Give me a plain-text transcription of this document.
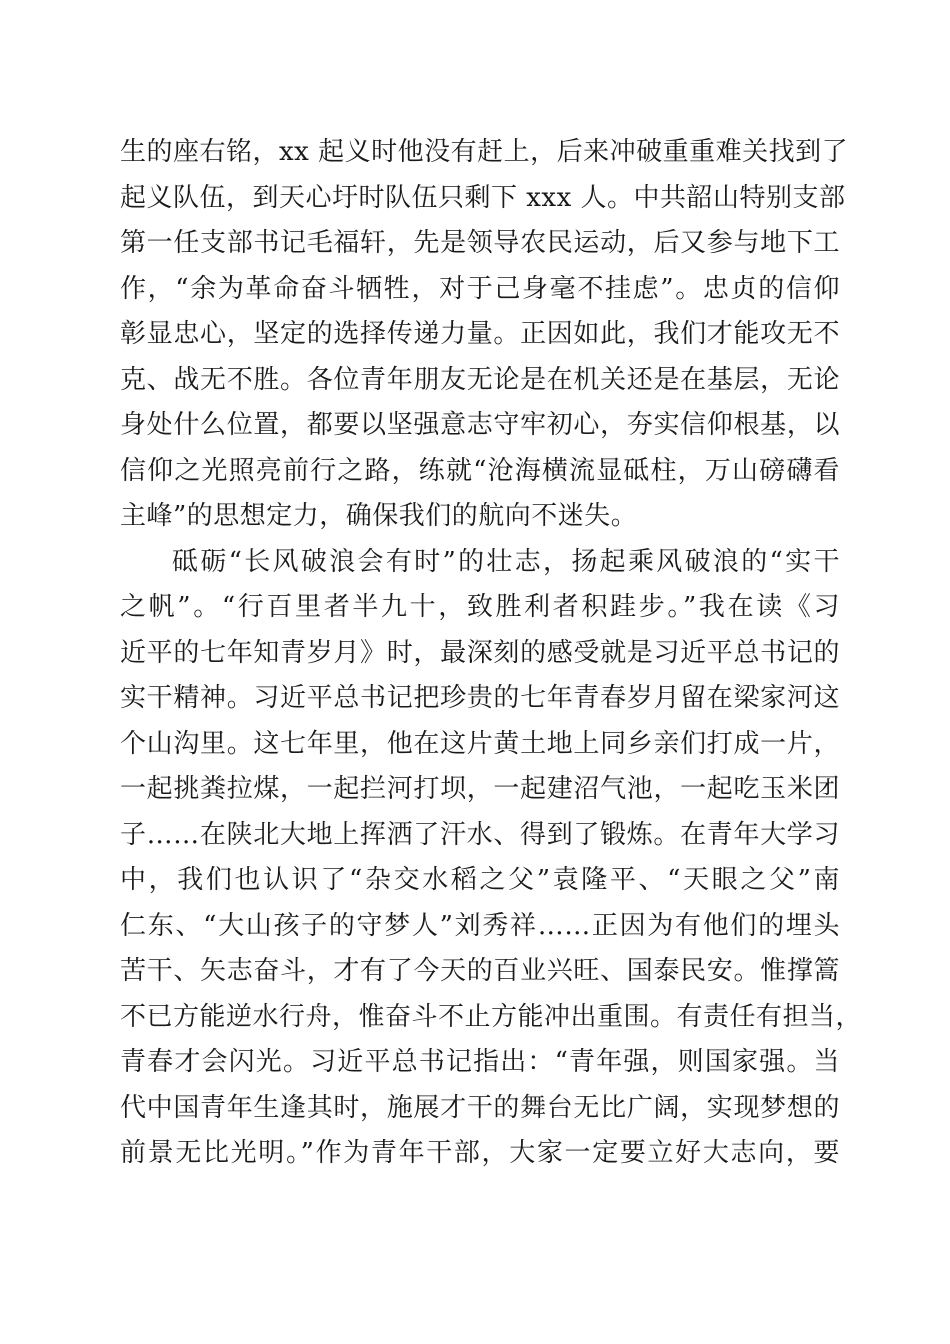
生的座右铭，xx 起义时他没有赶上，后来冲破重重难关找到了
起义队伍，到天心圩时队伍只剩下 xxx 人。中共韶山特别支部
第一任支部书记毛福轩，先是领导农民运动，后又参与地下工
作，“余为革命奋斗牺牲，对于己身毫不挂虑”。忠贞的信仰
彰显忠心，坚定的选择传递力量。正因如此，我们才能攻无不
克、战无不胜。各位青年朋友无论是在机关还是在基层，无论
身处什么位置，都要以坚强意志守牢初心，夯实信仰根基，以
信仰之光照亮前行之路，练就“沧海横流显砥柱，万山磅礴看
主峰”的思想定力，确保我们的航向不迷失。
砥砺“长风破浪会有时”的壮志，扬起乘风破浪的“实干
之帆”。“行百里者半九十，致胜利者积跬步。”我在读《习
近平的七年知青岁月》时，最深刻的感受就是习近平总书记的
实干精神。习近平总书记把珍贵的七年青春岁月留在梁家河这
个山沟里。这七年里，他在这片黄土地上同乡亲们打成一片，
一起挑粪拉煤，一起拦河打坝，一起建沼气池，一起吃玉米团
子……在陕北大地上挥洒了汗水、得到了锻炼。在青年大学习
中，我们也认识了“杂交水稻之父”袁隆平、“天眼之父”南
仁东、“大山孩子的守梦人”刘秀祥……正因为有他们的埋头
苦干、矢志奋斗，才有了今天的百业兴旺、国泰民安。惟撑篙
不已方能逆水行舟，惟奋斗不止方能冲出重围。有责任有担当，
青春才会闪光。习近平总书记指出：“青年强，则国家强。当
代中国青年生逢其时，施展才干的舞台无比广阔，实现梦想的
前景无比光明。”作为青年干部，大家一定要立好大志向，要
